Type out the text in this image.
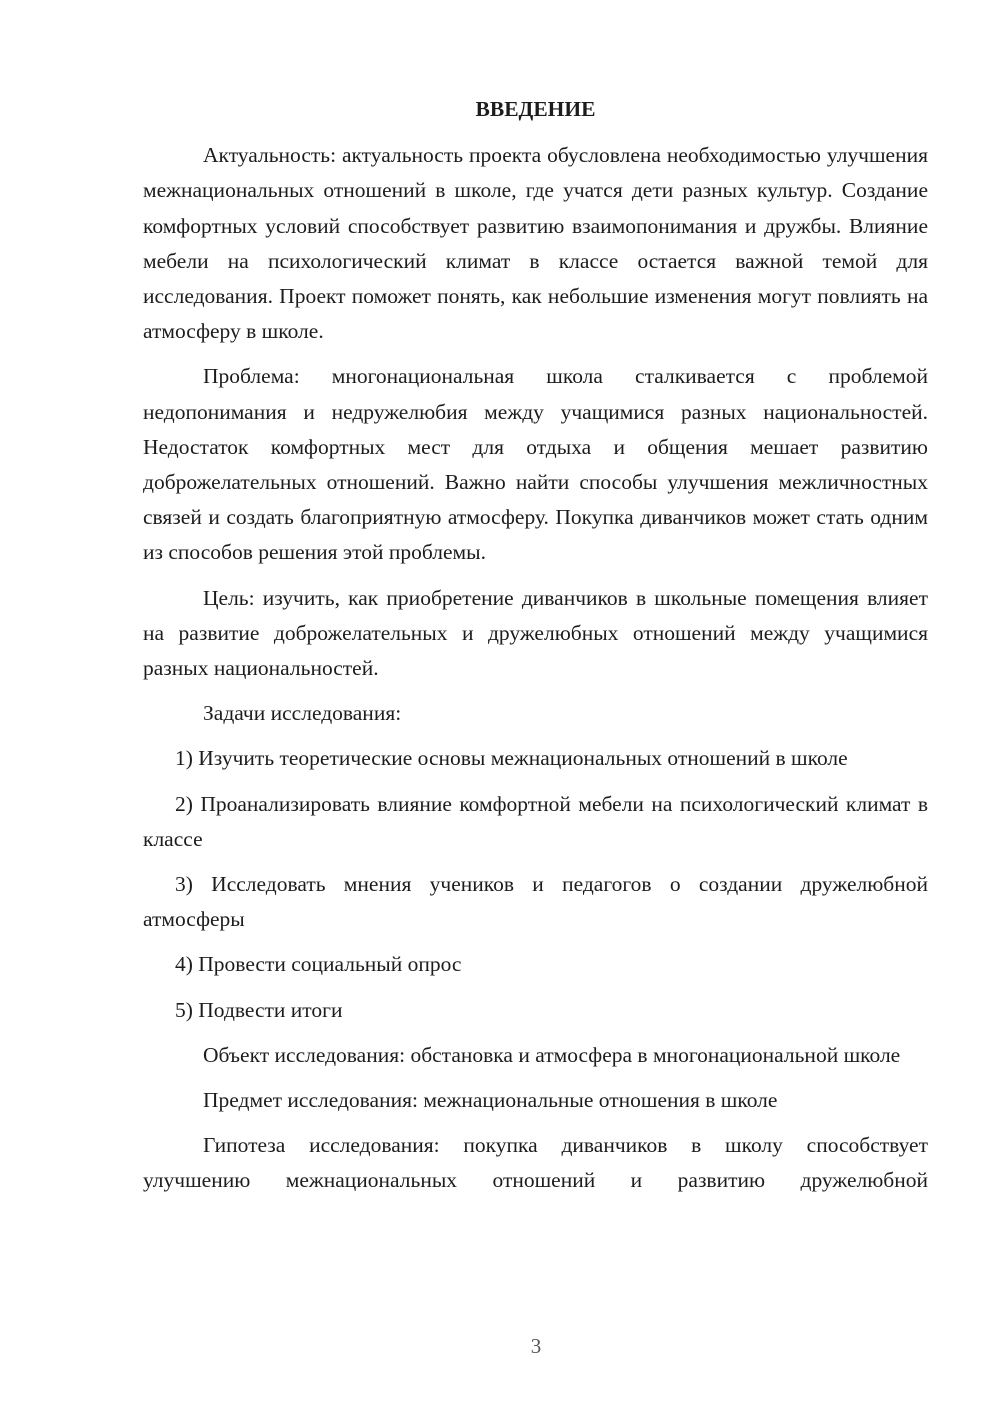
ВВЕДЕНИЕ

Актуальность: актуальность проекта обусловлена необходимостью улучшения межнациональных отношений в школе, где учатся дети разных культур. Создание комфортных условий способствует развитию взаимопонимания и дружбы. Влияние мебели на психологический климат в классе остается важной темой для исследования. Проект поможет понять, как небольшие изменения могут повлиять на атмосферу в школе.

Проблема: многонациональная школа сталкивается с проблемой недопонимания и недружелюбия между учащимися разных национальностей. Недостаток комфортных мест для отдыха и общения мешает развитию доброжелательных отношений. Важно найти способы улучшения межличностных связей и создать благоприятную атмосферу. Покупка диванчиков может стать одним из способов решения этой проблемы.

Цель: изучить, как приобретение диванчиков в школьные помещения влияет на развитие доброжелательных и дружелюбных отношений между учащимися разных национальностей.

Задачи исследования:

1) Изучить теоретические основы межнациональных отношений в школе

2) Проанализировать влияние комфортной мебели на психологический климат в классе

3) Исследовать мнения учеников и педагогов о создании дружелюбной атмосферы

4) Провести социальный опрос

5) Подвести итоги

Объект исследования: обстановка и атмосфера в многонациональной школе

Предмет исследования: межнациональные отношения в школе

Гипотеза исследования: покупка диванчиков в школу способствует улучшению межнациональных отношений и развитию дружелюбной

3
